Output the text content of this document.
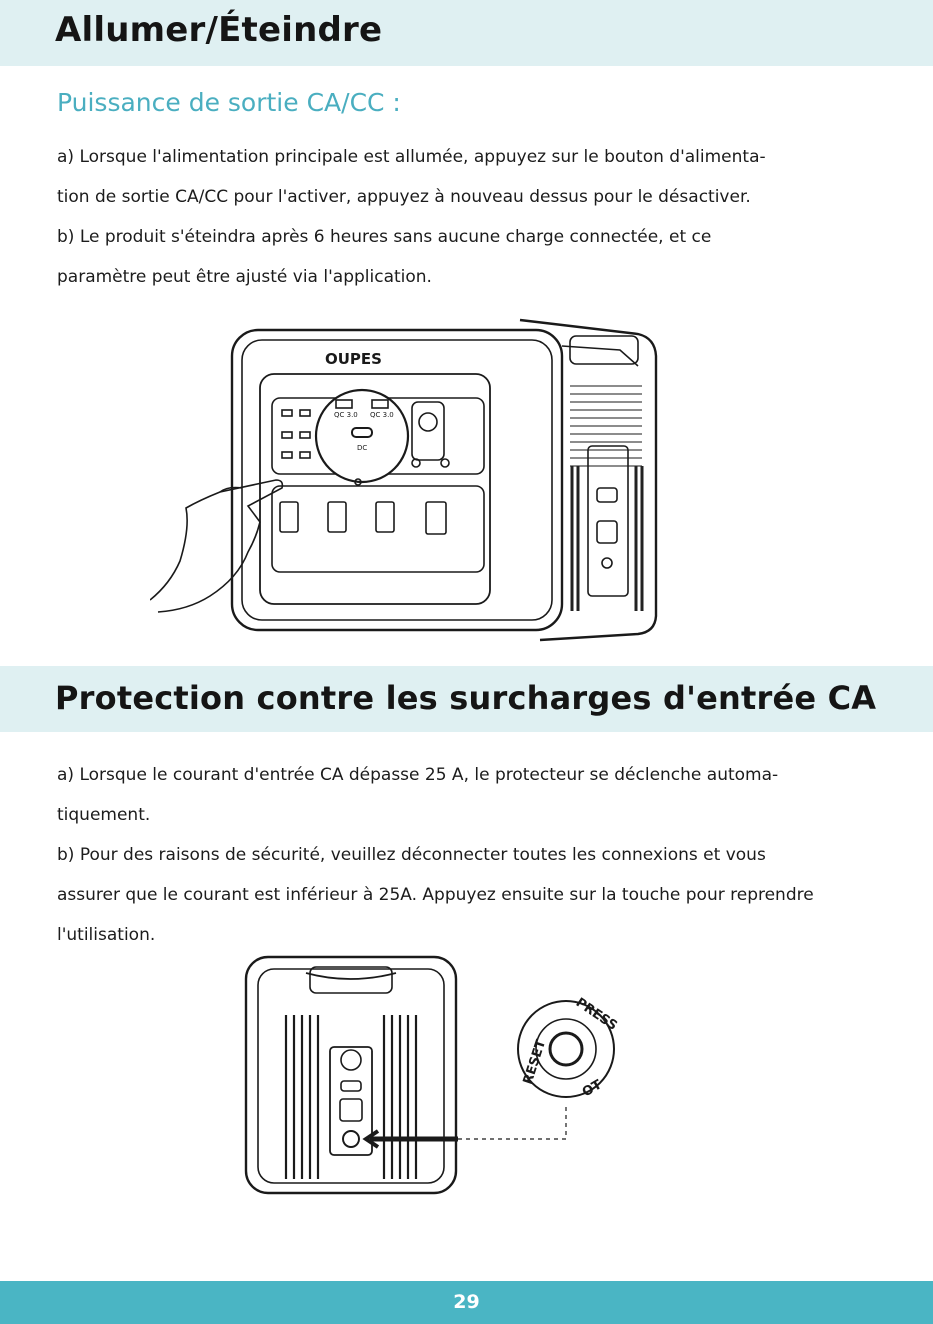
Allumer/Éteindre
Puissance de sortie CA/CC :

a) Lorsque l'alimentation principale est allumée, appuyez sur le bouton d'alimenta-

tion de sortie CA/CC pour l'activer, appuyez à nouveau dessus pour le désactiver.

b) Le produit s'éteindra après 6 heures sans aucune charge connectée, et ce

paramètre peut être ajusté via l'application.

OUPES
QC 3.0 QC 3.0
DC
Protection contre les surcharges d'entrée CA

a) Lorsque le courant d'entrée CA dépasse 25 A, le protecteur se déclenche automa-

tiquement.

b) Pour des raisons de sécurité, veuillez déconnecter toutes les connexions et vous

assurer que le courant est inférieur à 25A. Appuyez ensuite sur la touche pour reprendre

l'utilisation.

RESET
PRESS
OT
29
